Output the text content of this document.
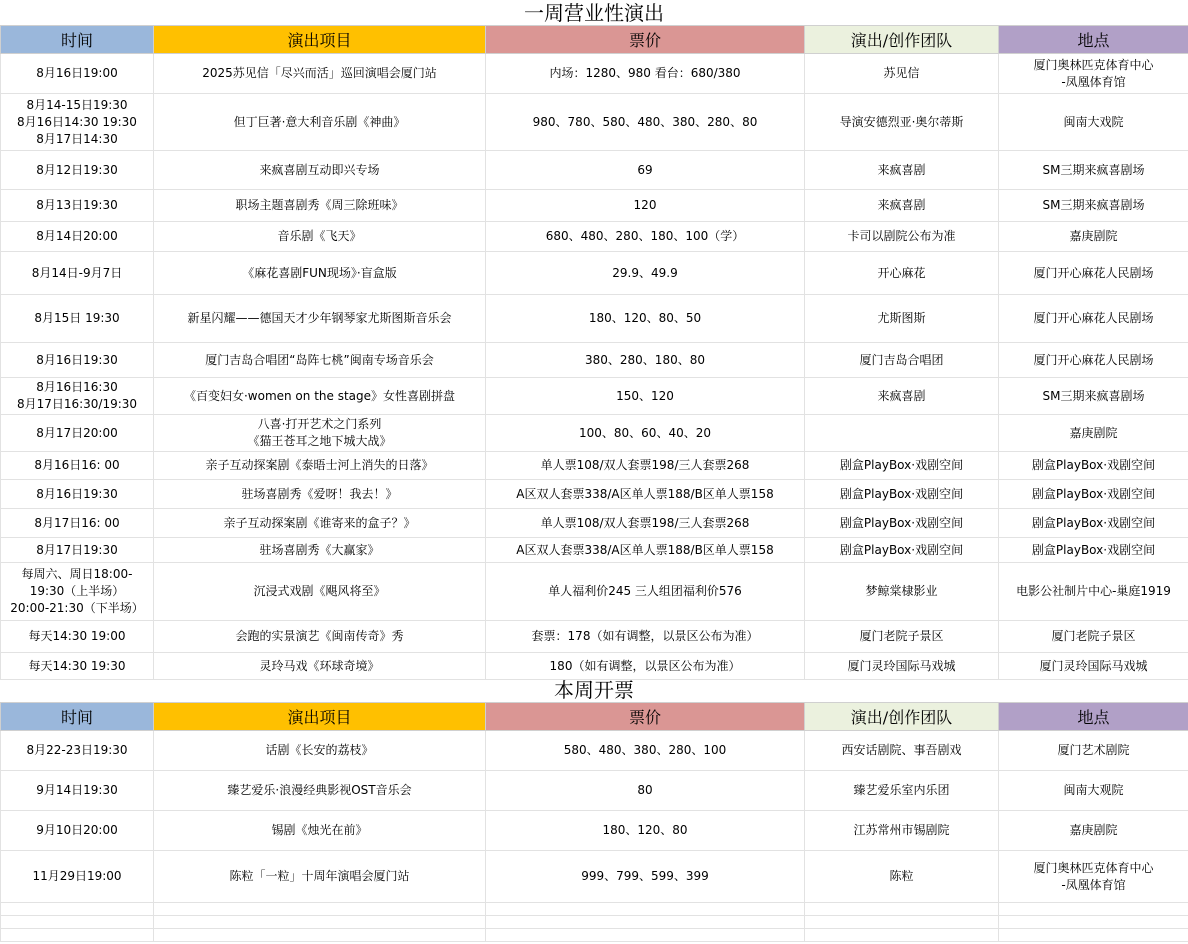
一周营业性演出
时间	演出项目	票价	演出/创作团队	地点

8月16日19:00	2025苏见信「尽兴而活」巡回演唱会厦门站	内场：1280、980 看台：680/380	苏见信	厦门奥林匹克体育中心
-凤凰体育馆

8月14-15日19:30
8月16日14:30 19:30
8月17日14:30	但丁巨著·意大利音乐剧《神曲》	980、780、580、480、380、280、80	导演安德烈亚·奥尔蒂斯	闽南大戏院

8月12日19:30	来疯喜剧互动即兴专场	69	来疯喜剧	SM三期来疯喜剧场

8月13日19:30	职场主题喜剧秀《周三除班味》	120	来疯喜剧	SM三期来疯喜剧场

8月14日20:00	音乐剧《飞天》	680、480、280、180、100（学）	卡司以剧院公布为准	嘉庚剧院

8月14日-9月7日	《麻花喜剧FUN现场》·盲盒版	29.9、49.9	开心麻花	厦门开心麻花人民剧场

8月15日 19:30	新星闪耀——德国天才少年钢琴家尤斯图斯音乐会	180、120、80、50	尤斯图斯	厦门开心麻花人民剧场

8月16日19:30	厦门吉岛合唱团“岛阵七桃”闽南专场音乐会	380、280、180、80	厦门吉岛合唱团	厦门开心麻花人民剧场

8月16日16:30
8月17日16:30/19:30	《百变妇女·women on the stage》女性喜剧拼盘	150、120	来疯喜剧	SM三期来疯喜剧场

8月17日20:00	八喜·打开艺术之门系列
《猫王苍耳之地下城大战》	100、80、60、40、20		嘉庚剧院

8月16日16: 00	亲子互动探案剧《泰晤士河上消失的日落》	单人票108/双人套票198/三人套票268	剧盒PlayBox·戏剧空间	剧盒PlayBox·戏剧空间

8月16日19:30	驻场喜剧秀《爱呀！我去！》	A区双人套票338/A区单人票188/B区单人票158	剧盒PlayBox·戏剧空间	剧盒PlayBox·戏剧空间

8月17日16: 00	亲子互动探案剧《谁寄来的盒子？》	单人票108/双人套票198/三人套票268	剧盒PlayBox·戏剧空间	剧盒PlayBox·戏剧空间

8月17日19:30	驻场喜剧秀《大赢家》	A区双人套票338/A区单人票188/B区单人票158	剧盒PlayBox·戏剧空间	剧盒PlayBox·戏剧空间

每周六、周日18:00-
19:30（上半场）
20:00-21:30（下半场）	沉浸式戏剧《飓风将至》	单人福利价245 三人组团福利价576	梦鲸棠棣影业	电影公社制片中心-巢庭1919

每天14:30 19:00	会跑的实景演艺《闽南传奇》秀	套票：178（如有调整，以景区公布为准）	厦门老院子景区	厦门老院子景区

每天14:30 19:30	灵玲马戏《环球奇境》	180（如有调整，以景区公布为准）	厦门灵玲国际马戏城	厦门灵玲国际马戏城
本周开票
时间	演出项目	票价	演出/创作团队	地点

8月22-23日19:30	话剧《长安的荔枝》	580、480、380、280、100	西安话剧院、事吾剧戏	厦门艺术剧院

9月14日19:30	臻艺爱乐·浪漫经典影视OST音乐会	80	臻艺爱乐室内乐团	闽南大观院

9月10日20:00	锡剧《烛光在前》	180、120、80	江苏常州市锡剧院	嘉庚剧院

11月29日19:00	陈粒「一粒」十周年演唱会厦门站	999、799、599、399	陈粒	厦门奥林匹克体育中心
-凤凰体育馆
